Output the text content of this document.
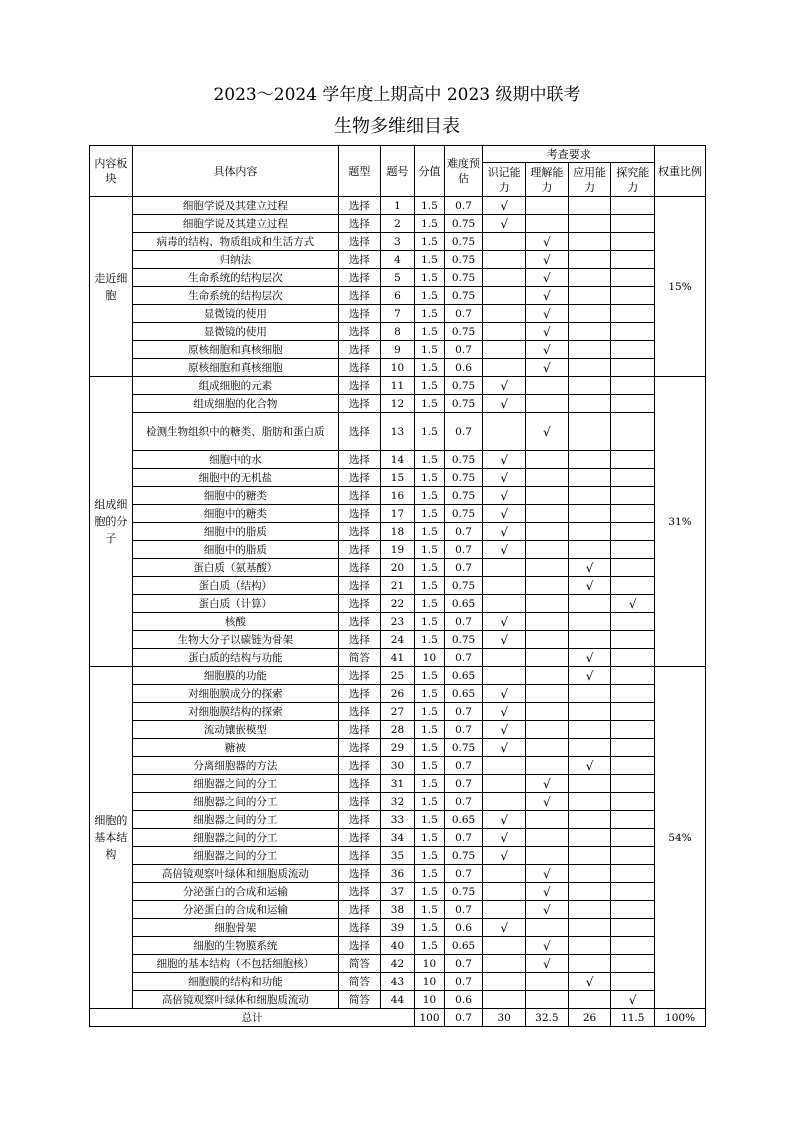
2023～2024 学年度上期高中 2023 级期中联考
生物多维细目表
内容板块	具体内容	题型	题号	分值	难度预估	考查要求				权重比例
						识记能力	理解能力	应用能力	探究能力	
走近细胞	细胞学说及其建立过程	选择	1	1.5	0.7	√				15%
	细胞学说及其建立过程	选择	2	1.5	0.75	√				
	病毒的结构、物质组成和生活方式	选择	3	1.5	0.75		√			
	归纳法	选择	4	1.5	0.75		√			
	生命系统的结构层次	选择	5	1.5	0.75		√			
	生命系统的结构层次	选择	6	1.5	0.75		√			
	显微镜的使用	选择	7	1.5	0.7		√			
	显微镜的使用	选择	8	1.5	0.75		√			
	原核细胞和真核细胞	选择	9	1.5	0.7		√			
	原核细胞和真核细胞	选择	10	1.5	0.6		√			
组成细胞的分子	组成细胞的元素	选择	11	1.5	0.75	√				31%
	组成细胞的化合物	选择	12	1.5	0.75	√				
	检测生物组织中的糖类、脂肪和蛋白质	选择	13	1.5	0.7		√			
	细胞中的水	选择	14	1.5	0.75	√				
	细胞中的无机盐	选择	15	1.5	0.75	√				
	细胞中的糖类	选择	16	1.5	0.75	√				
	细胞中的糖类	选择	17	1.5	0.75	√				
	细胞中的脂质	选择	18	1.5	0.7	√				
	细胞中的脂质	选择	19	1.5	0.7	√				
	蛋白质（氨基酸）	选择	20	1.5	0.7			√		
	蛋白质（结构）	选择	21	1.5	0.75			√		
	蛋白质（计算）	选择	22	1.5	0.65				√	
	核酸	选择	23	1.5	0.7	√				
	生物大分子以碳链为骨架	选择	24	1.5	0.75	√				
	蛋白质的结构与功能	简答	41	10	0.7			√		
细胞的基本结构	细胞膜的功能	选择	25	1.5	0.65			√		54%
	对细胞膜成分的探索	选择	26	1.5	0.65	√				
	对细胞膜结构的探索	选择	27	1.5	0.7	√				
	流动镶嵌模型	选择	28	1.5	0.7	√				
	糖被	选择	29	1.5	0.75	√				
	分离细胞器的方法	选择	30	1.5	0.7			√		
	细胞器之间的分工	选择	31	1.5	0.7		√			
	细胞器之间的分工	选择	32	1.5	0.7		√			
	细胞器之间的分工	选择	33	1.5	0.65	√				
	细胞器之间的分工	选择	34	1.5	0.7	√				
	细胞器之间的分工	选择	35	1.5	0.75	√				
	高倍镜观察叶绿体和细胞质流动	选择	36	1.5	0.7		√			
	分泌蛋白的合成和运输	选择	37	1.5	0.75		√			
	分泌蛋白的合成和运输	选择	38	1.5	0.7		√			
	细胞骨架	选择	39	1.5	0.6	√				
	细胞的生物膜系统	选择	40	1.5	0.65		√			
	细胞的基本结构（不包括细胞核）	简答	42	10	0.7		√			
	细胞膜的结构和功能	简答	43	10	0.7			√		
	高倍镜观察叶绿体和细胞质流动	简答	44	10	0.6				√	
总计				100	0.7	30	32.5	26	11.5	100%
